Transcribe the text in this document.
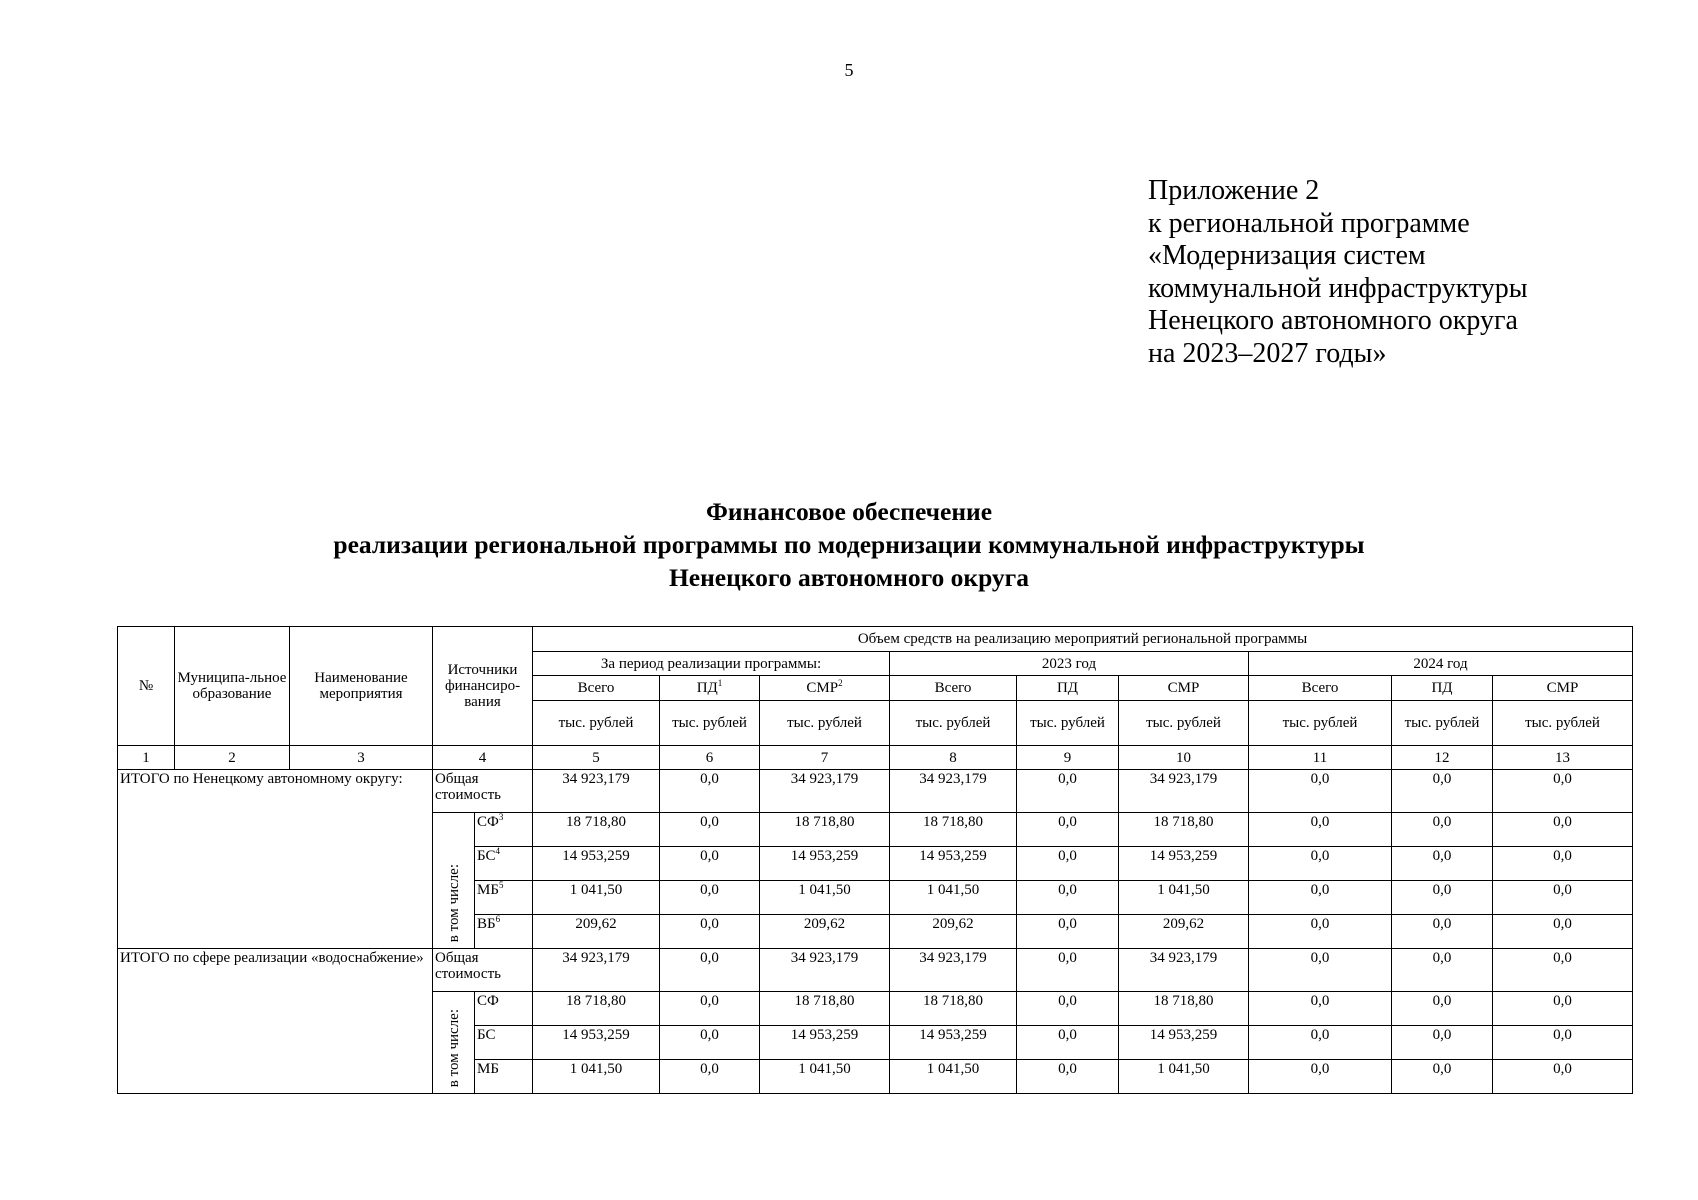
5
Приложение 2
к региональной программе
«Модернизация систем
коммунальной инфраструктуры
Ненецкого автономного округа
на 2023–2027 годы»
Финансовое обеспечение
реализации региональной программы по модернизации коммунальной инфраструктуры
Ненецкого автономного округа
№	Муниципа-льное образование	Наименование мероприятия	Источники финансиро-вания		Объем средств на реализацию мероприятий региональной программы								
					За период реализации программы:			2023 год			2024 год		
					Всего	$ПД^1$	СМР$^2$	Всего	ПД	СМР	Всего	ПД	СМР
					тыс. рублей	тыс. рублей	тыс. рублей	тыс. рублей	тыс. рублей	тыс. рублей	тыс. рублей	тыс. рублей	тыс. рублей
1	2	3	4		5	6	7	8	9	10	11	12	13
ИТОГО по Ненецкому автономному округу:			Общая стоимость		34 923,179	0,0	34 923,179	34 923,179	0,0	34 923,179	0,0	0,0	0,0
			в том числе:	$СФ^3$	18 718,80	0,0	18 718,80	18 718,80	0,0	18 718,80	0,0	0,0	0,0
				$БС^4$	14 953,259	0,0	14 953,259	14 953,259	0,0	14 953,259	0,0	0,0	0,0
				$МБ^5$	1 041,50	0,0	1 041,50	1 041,50	0,0	1 041,50	0,0	0,0	0,0
				$ВБ^6$	209,62	0,0	209,62	209,62	0,0	209,62	0,0	0,0	0,0
ИТОГО по сфере реализации «водоснабжение»			Общая стоимость		34 923,179	0,0	34 923,179	34 923,179	0,0	34 923,179	0,0	0,0	0,0
			в том числе:	СФ	18 718,80	0,0	18 718,80	18 718,80	0,0	18 718,80	0,0	0,0	0,0
				БС	14 953,259	0,0	14 953,259	14 953,259	0,0	14 953,259	0,0	0,0	0,0
				МБ	1 041,50	0,0	1 041,50	1 041,50	0,0	1 041,50	0,0	0,0	0,0
